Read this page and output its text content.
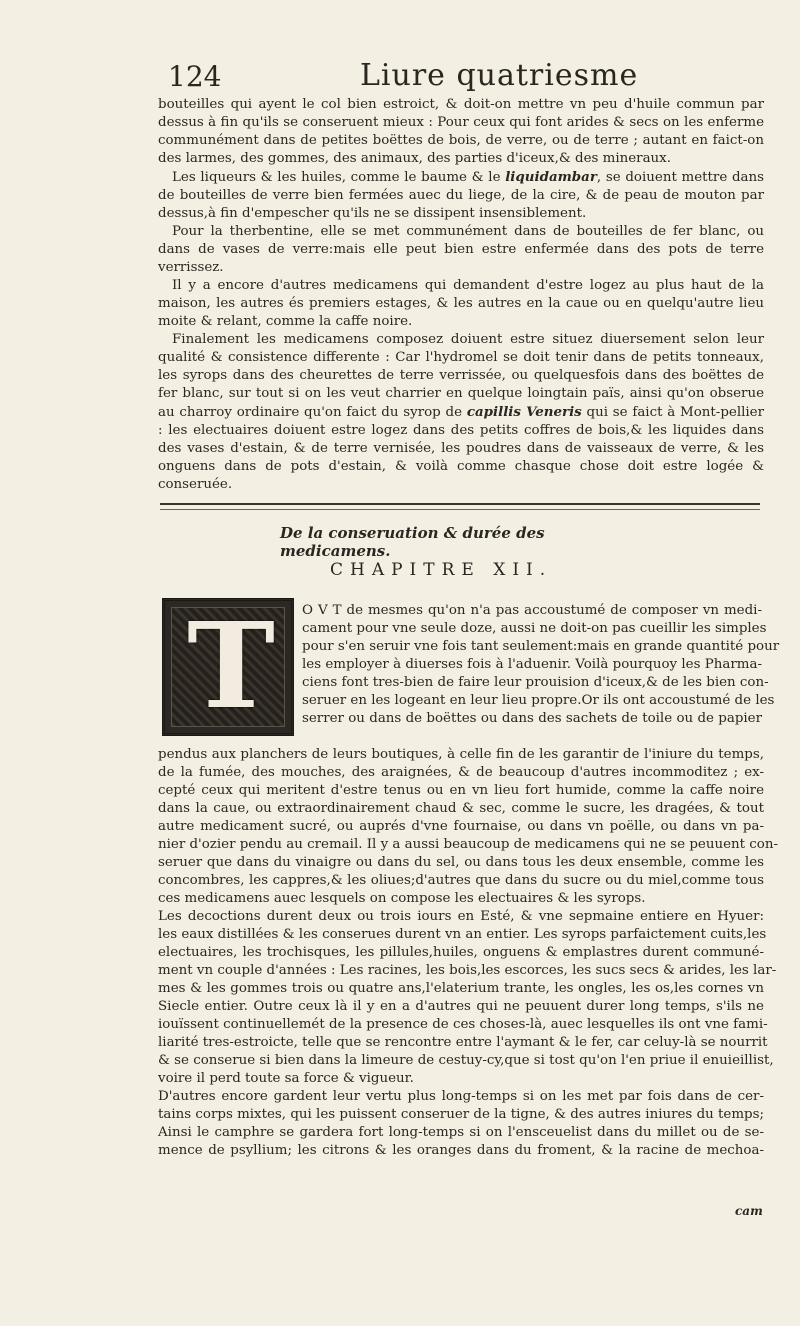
124	Liure quatriesme

bouteilles qui ayent le col bien estroict, & doit-on mettre vn peu d'huile commun par dessus à fin qu'ils se conseruent mieux : Pour ceux qui font arides & secs on les enferme communément dans de petites boëttes de bois, de verre, ou de terre ; autant en faict-on des larmes, des gommes, des animaux, des parties d'iceux,& des mineraux.

Les liqueurs & les huiles, comme le baume & le liquidambar, se doiuent mettre dans de bouteilles de verre bien fermées auec du liege, de la cire, & de peau de mouton par dessus,à fin d'empescher qu'ils ne se dissipent insensiblement.

Pour la therbentine, elle se met communément dans de bouteilles de fer blanc, ou dans de vases de verre:mais elle peut bien estre enfermée dans des pots de terre verrissez.

Il y a encore d'autres medicamens qui demandent d'estre logez au plus haut de la maison, les autres és premiers estages, & les autres en la caue ou en quelqu'autre lieu moite & relant, comme la caffe noire.

Finalement les medicamens composez doiuent estre situez diuersement selon leur qualité & consistence differente : Car l'hydromel se doit tenir dans de petits tonneaux, les syrops dans des cheurettes de terre verrissée, ou quelquesfois dans des boëttes de fer blanc, sur tout si on les veut charrier en quelque loingtain païs, ainsi qu'on obserue au charroy ordinaire qu'on faict du syrop de capillis Veneris qui se faict à Mont-pellier : les electuaires doiuent estre logez dans des petits coffres de bois,& les liquides dans des vases d'estain, & de terre vernisée, les poudres dans de vaisseaux de verre, & les onguens dans de pots d'estain, & voilà comme chasque chose doit estre logée & conseruée.

De la conseruation & durée des medicamens.
CHAPITRE XII.
T	O V T de mesmes qu'on n'a pas accoustumé de composer vn medi-
cament pour vne seule doze, aussi ne doit-on pas cueillir les simples
pour s'en seruir vne fois tant seulement:mais en grande quantité pour
les employer à diuerses fois à l'aduenir. Voilà pourquoy les Pharma-
ciens font tres-bien de faire leur prouision d'iceux,& de les bien con-
seruer en les logeant en leur lieu propre.Or ils ont accoustumé de les
serrer ou dans de boëttes ou dans des sachets de toile ou de papier
pendus aux planchers de leurs boutiques, à celle fin de les garantir de l'iniure du temps,
de la fumée, des mouches, des araignées, & de beaucoup d'autres incommoditez ; ex-
cepté ceux qui meritent d'estre tenus ou en vn lieu fort humide, comme la caffe noire
dans la caue, ou extraordinairement chaud & sec, comme le sucre, les dragées, & tout
autre medicament sucré, ou auprés d'vne fournaise, ou dans vn poëlle, ou dans vn pa-
nier d'ozier pendu au cremail. Il y a aussi beaucoup de medicamens qui ne se peuuent con-
seruer que dans du vinaigre ou dans du sel, ou dans tous les deux ensemble, comme les
concombres, les cappres,& les oliues;d'autres que dans du sucre ou du miel,comme tous
ces medicamens auec lesquels on compose les electuaires & les syrops.
Les decoctions durent deux ou trois iours en Esté, & vne sepmaine entiere en Hyuer:
les eaux distillées & les conserues durent vn an entier. Les syrops parfaictement cuits,les
electuaires, les trochisques, les pillules,huiles, onguens & emplastres durent communé-
ment vn couple d'années : Les racines, les bois,les escorces, les sucs secs & arides, les lar-
mes & les gommes trois ou quatre ans,l'elaterium trante, les ongles, les os,les cornes vn
Siecle entier. Outre ceux là il y en a d'autres qui ne peuuent durer long temps, s'ils ne
iouïssent continuellemét de la presence de ces choses-là, auec lesquelles ils ont vne fami-
liarité tres-estroicte, telle que se rencontre entre l'aymant & le fer, car celuy-là se nourrit
& se conserue si bien dans la limeure de cestuy-cy,que si tost qu'on l'en priue il enuieillist,
voire il perd toute sa force & vigueur.
D'autres encore gardent leur vertu plus long-temps si on les met par fois dans de cer-
tains corps mixtes, qui les puissent conseruer de la tigne, & des autres iniures du temps;
Ainsi le camphre se gardera fort long-temps si on l'ensceuelist dans du millet ou de se-
mence de psyllium; les citrons & les oranges dans du froment, & la racine de mechoa-
cam
